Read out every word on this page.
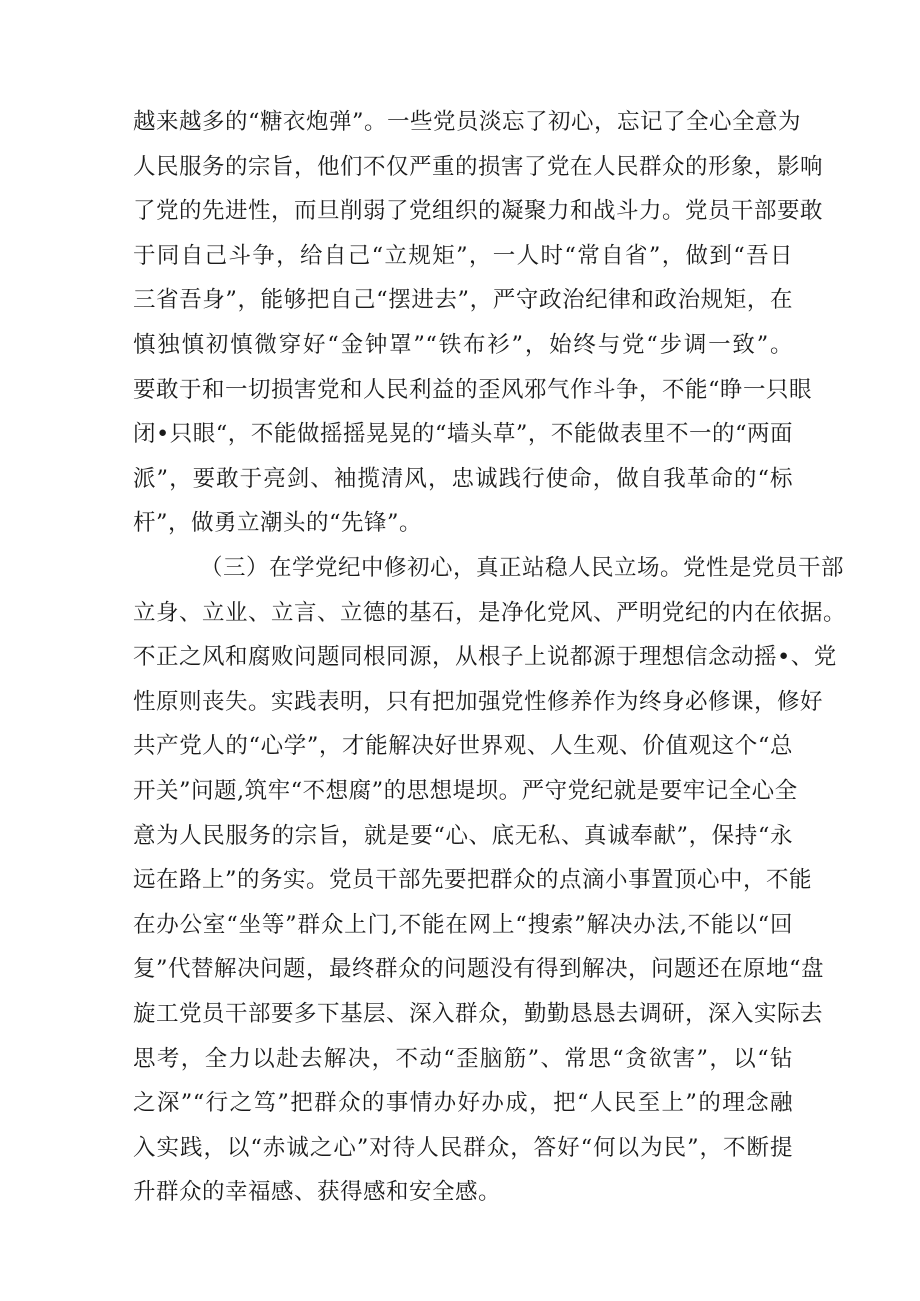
越来越多的“糖衣炮弹”。一些党员淡忘了初心，忘记了全心全意为
人民服务的宗旨，他们不仅严重的损害了党在人民群众的形象，影响
了党的先进性，而旦削弱了党组织的凝聚力和战斗力。党员干部要敢
于同自己斗争，给自己“立规矩”，一人时“常自省”，做到“吾日
三省吾身”，能够把自己“摆进去”，严守政治纪律和政治规矩，在
慎独慎初慎微穿好“金钟罩”“铁布衫”，始终与党“步调一致”。
要敢于和一切损害党和人民利益的歪风邪气作斗争，不能“睁一只眼
闭•只眼“，不能做摇摇晃晃的“墙头草”，不能做表里不一的“两面
派”，要敢于亮剑、袖揽清风，忠诚践行使命，做自我革命的“标
杆”，做勇立潮头的“先锋”。
（三）在学党纪中修初心，真正站稳人民立场。党性是党员干部
立身、立业、立言、立德的基石，是净化党风、严明党纪的内在依据。
不正之风和腐败问题同根同源，从根子上说都源于理想信念动摇•、党
性原则丧失。实践表明，只有把加强党性修养作为终身必修课，修好
共产党人的“心学”，才能解决好世界观、人生观、价值观这个“总
开关”问题,筑牢“不想腐”的思想堤坝。严守党纪就是要牢记全心全
意为人民服务的宗旨，就是要“心、底无私、真诚奉献”，保持“永
远在路上”的务实。党员干部先要把群众的点滴小事置顶心中，不能
在办公室“坐等”群众上门,不能在网上“搜索”解决办法,不能以“回
复”代替解决问题，最终群众的问题没有得到解决，问题还在原地“盘
旋工党员干部要多下基层、深入群众，勤勤恳恳去调研，深入实际去
思考，全力以赴去解决，不动“歪脑筋”、常思“贪欲害”，以“钻
之深”“行之笃”把群众的事情办好办成，把“人民至上”的理念融
入实践，以“赤诚之心”对待人民群众，答好“何以为民”，不断提
升群众的幸福感、获得感和安全感。
